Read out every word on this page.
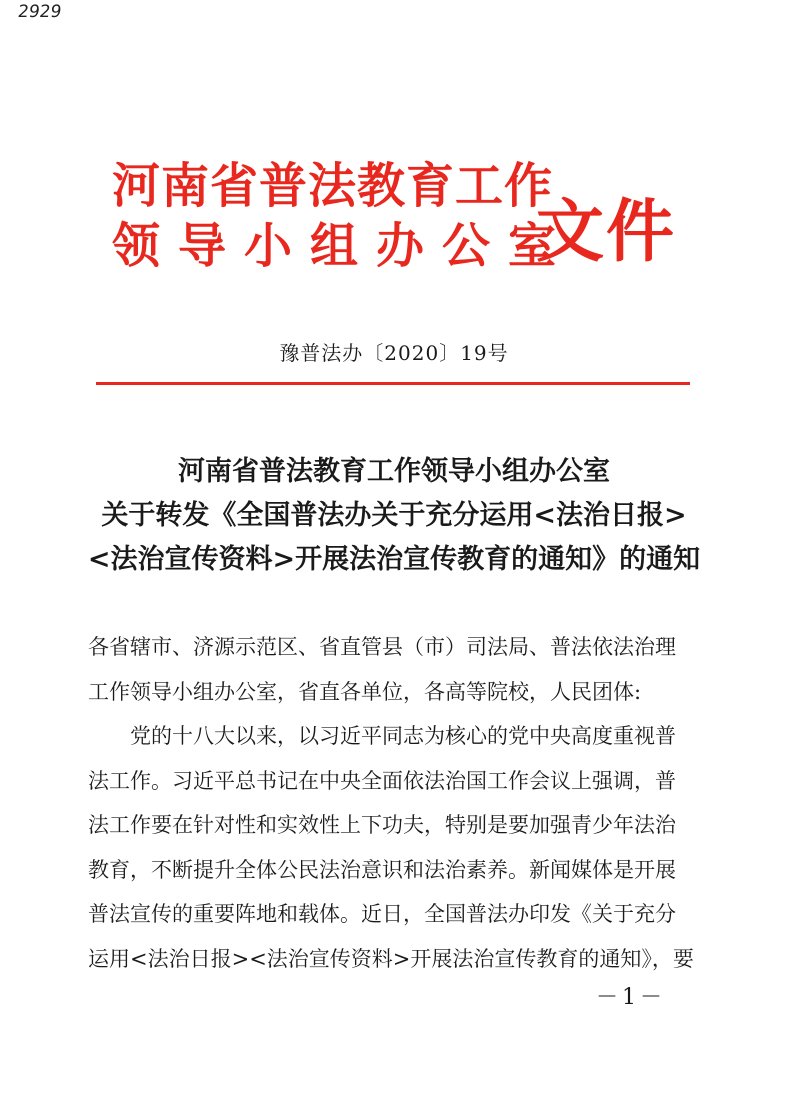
2929
河南省普法教育工作
领导小组办公室
文件
豫普法办〔2020〕19号
河南省普法教育工作领导小组办公室
关于转发《全国普法办关于充分运用<法治日报>
<法治宣传资料>开展法治宣传教育的通知》的通知
各省辖市、济源示范区、省直管县（市）司法局、普法依法治理
工作领导小组办公室，省直各单位，各高等院校，人民团体:
党的十八大以来，以习近平同志为核心的党中央高度重视普
法工作。习近平总书记在中央全面依法治国工作会议上强调，普
法工作要在针对性和实效性上下功夫，特别是要加强青少年法治
教育，不断提升全体公民法治意识和法治素养。新闻媒体是开展
普法宣传的重要阵地和载体。近日，全国普法办印发《关于充分
运用<法治日报><法治宣传资料>开展法治宣传教育的通知》，要
－1－
